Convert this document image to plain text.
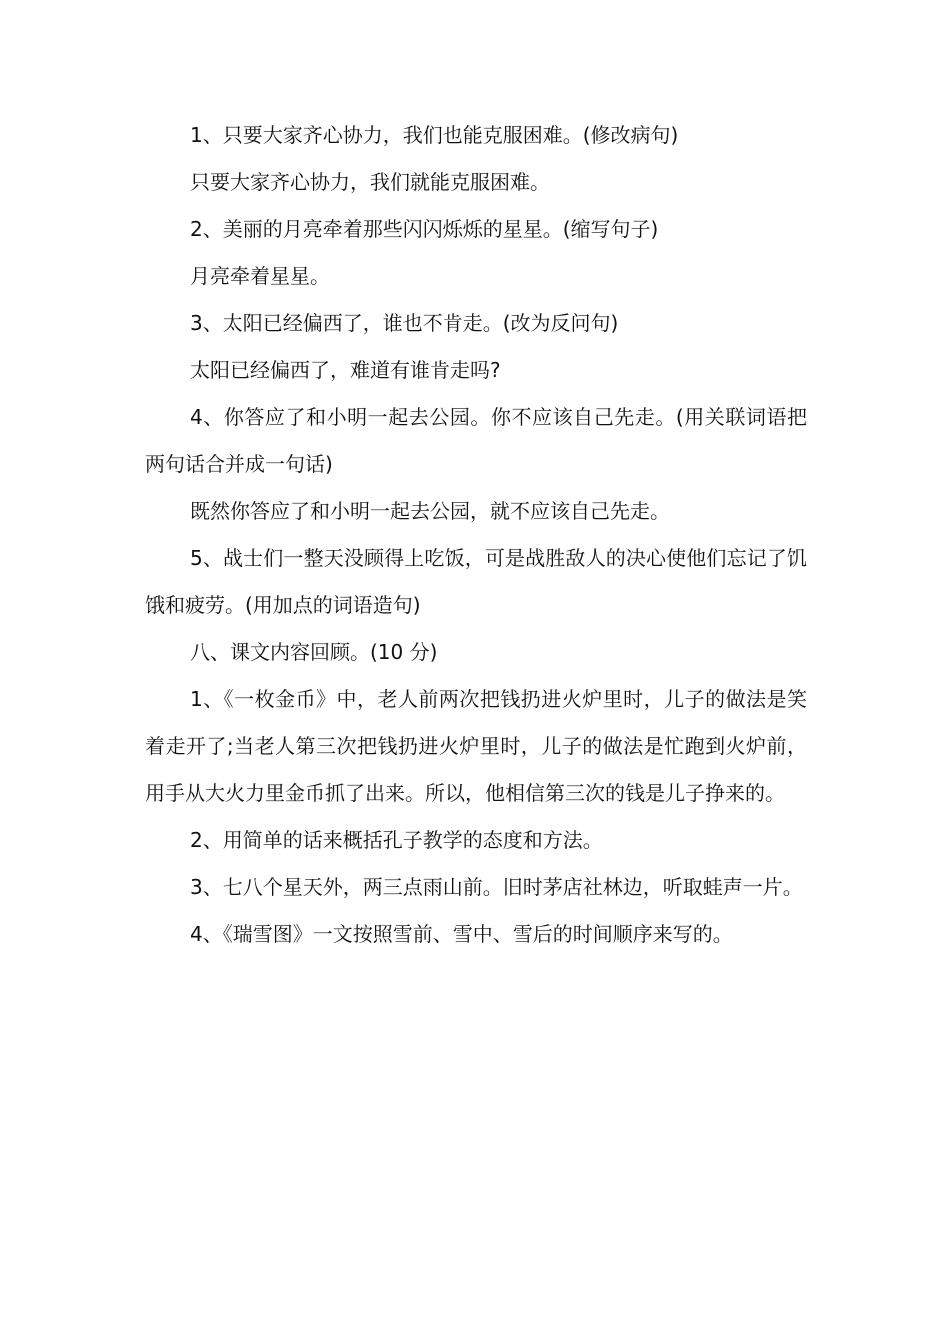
1、只要大家齐心协力，我们也能克服困难。(修改病句)

只要大家齐心协力，我们就能克服困难。

2、美丽的月亮牵着那些闪闪烁烁的星星。(缩写句子)

月亮牵着星星。

3、太阳已经偏西了，谁也不肯走。(改为反问句)

太阳已经偏西了，难道有谁肯走吗?

4、你答应了和小明一起去公园。你不应该自己先走。(用关联词语把两句话合并成一句话)

既然你答应了和小明一起去公园，就不应该自己先走。

5、战士们一整天没顾得上吃饭，可是战胜敌人的决心使他们忘记了饥饿和疲劳。(用加点的词语造句)

八、课文内容回顾。(10 分)

1、《一枚金币》中，老人前两次把钱扔进火炉里时，儿子的做法是笑着走开了;当老人第三次把钱扔进火炉里时，儿子的做法是忙跑到火炉前，用手从大火力里金币抓了出来。所以，他相信第三次的钱是儿子挣来的。

2、用简单的话来概括孔子教学的态度和方法。

3、七八个星天外，两三点雨山前。旧时茅店社林边，听取蛙声一片。

4、《瑞雪图》一文按照雪前、雪中、雪后的时间顺序来写的。
